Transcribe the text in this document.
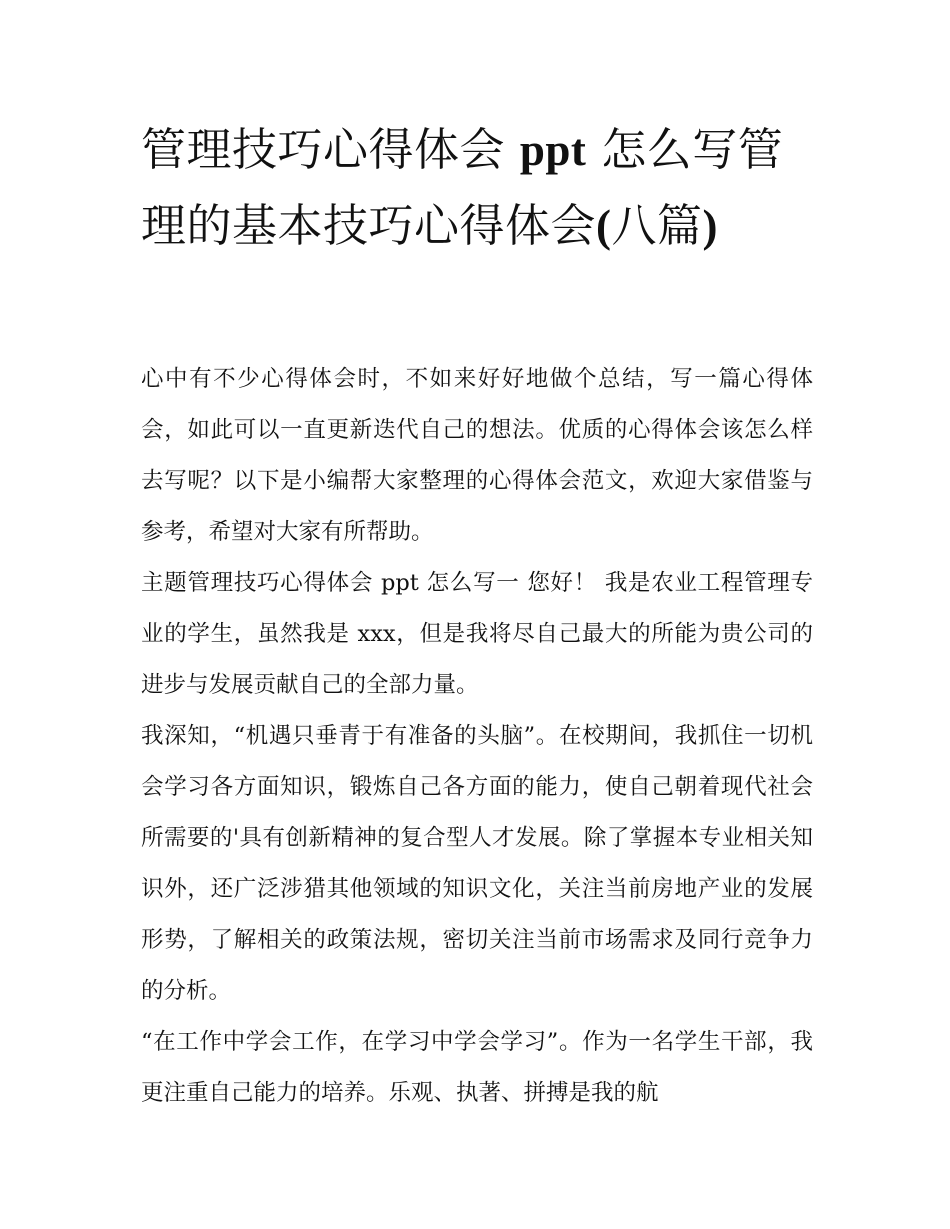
管理技巧心得体会 ppt 怎么写管理的基本技巧心得体会(八篇)

心中有不少心得体会时，不如来好好地做个总结，写一篇心得体会，如此可以一直更新迭代自己的想法。优质的心得体会该怎么样去写呢？以下是小编帮大家整理的心得体会范文，欢迎大家借鉴与参考，希望对大家有所帮助。

主题管理技巧心得体会 ppt 怎么写一 您好！ 我是农业工程管理专业的学生，虽然我是 xxx，但是我将尽自己最大的所能为贵公司的进步与发展贡献自己的全部力量。

我深知，“机遇只垂青于有准备的头脑”。在校期间，我抓住一切机会学习各方面知识，锻炼自己各方面的能力，使自己朝着现代社会所需要的'具有创新精神的复合型人才发展。除了掌握本专业相关知识外，还广泛涉猎其他领域的知识文化，关注当前房地产业的发展形势，了解相关的政策法规，密切关注当前市场需求及同行竞争力的分析。

“在工作中学会工作，在学习中学会学习”。作为一名学生干部，我更注重自己能力的培养。乐观、执著、拼搏是我的航
